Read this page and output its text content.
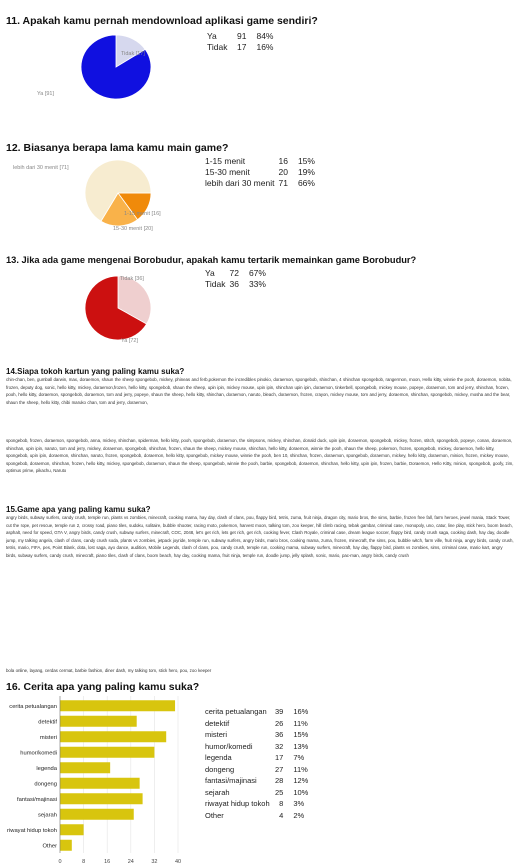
11. Apakah kamu pernah mendownload aplikasi game sendiri?
Tidak [17]
Ya [91]
Ya	91	84%
Tidak	17	16%
12. Biasanya berapa lama kamu main game?
lebih dari 30 menit [71]
1-15 menit [16]
15-30 menit [20]
1-15 menit	16	15%
15-30 menit	20	19%
lebih dari 30 menit	71	66%
13. Jika ada game mengenai Borobudur, apakah kamu tertarik memainkan game Borobudur?
Tidak [36]
Ya [72]
Ya	72	67%
Tidak	36	33%
14.Siapa tokoh kartun yang paling kamu suka?
chin-chan, ben, gumball darwin, max, doraemon, shaun the sheep spongebob, mickey, phineas and ferb,pokemon the incredibles pinokio, doraemon, spongebob, shinchan, 4 shinchan spongebob, rangermon, moon, Hello kitty, winnie the pooh, doraemon, nobita, frozen, deputy dog, sonic, hello kitty, mickey, doraemon,frozen, hello kitty, spongebob, shaun the sheep, upin ipin, mickey mouse, upin ipin, shinchan upin ipin, doraemon, tinkerbell, spongebob, mickey mouse, popeye, doraemon, tom and jerry, shinchan, frozen, pooh, hello kitty, doraemon, spongebob, doraemon, tom and jerry, popeye, shaun the sheep, hello kitty, shinchan, doraemon, naruto, bleach, doraemon, frozen, crayon, mickey mouse, tom and jerry, doraemon, shinchan, spongebob, mickey, mosha and the bear, shaun the sheep, hello kitty, chibi maruko chan, tom and jerry, doraemon,
spongebob, frozen, doraemon, spongebob, anna, mickey, shinchan, spiderman, hello kitty, pooh, spongebob, doraemon, the simpsons, mickey, shinchan, donald duck, upin ipin, doraemon, spongebob, mickey, frozen, stitch, spongebob, popeye, conan, doraemon, shinchan, upin ipin, naruto, tom and jerry, mickey, doraemon, spongebob, shinchan, frozen, shaun the sheep, mickey mouse, shinchan, hello kitty, doraemon, winnie the pooh, shaun the sheep, pokemon, frozen, spongebob, mickey, doraemon, hello kitty, spongebob, upin ipin, doraemon, shinchan, naruto, frozen, spongebob, doraemon, hello kitty, spongebob, mickey mouse, winnie the pooh, ben 10, shinchan, frozen, doraemon, spongebob, doraemon, mickey, hello kitty, doraemon, minion, frozen, mickey mouse, spongebob, doraemon, shinchan, frozen, hello kitty, mickey, spongebob, doraemon, shaun the sheep, spongebob, winnie the pooh, barbie, spongebob, doraemon, shinchan, hello kitty, upin ipin, frozen, barbie, Doraemon, Hello Kitty, minion, spongebob, goofy, zim, optimus prime, pikachu, Naruto
15.Game apa yang paling kamu suka?
angry birds, subway surfers, candy crush, temple run, plants vs zombies, minecraft, cooking mama, hay day, clash of clans, pou, flappy bird, tetris, zuma, fruit ninja, dragon city, mario bros, the sims, barbie, frozen free fall, farm heroes, jewel mania, Stack Tower, cut the rope, pet rescue, temple run 2, crossy road, piano tiles, sudoku, solitaire, bubble shooter, racing moto, pokemon, harvest moon, talking tom, zoo keeper, hill climb racing, tebak gambar, criminal case, monopoly, uno, catur, line play, stick hero, boom beach, asphalt, need for speed, GTA V, angry birds, candy crush, subway surfers, minecraft, COC, 2048, let's get rich, lets get rich, get rich, cooking fever, Clash Royale, criminal case, dream league soccer, flappy bird, candy crush saga, cooking dash, hay day, doodle jump, my talking angela, clash of clans, candy crush soda, plants vs zombies, jetpack joyride, temple run, subway surfers, angry birds, mario bros, cooking mama, zuma, frozen, minecraft, the sims, pou, bubble witch, farm ville, fruit ninja, angry birds, candy crush, tetris, mario, FIFA, pes, Point Blank, dota, lost saga, ayo dance, audition, Mobile Legends, clash of clans, pou, candy crush, temple run, cooking mama, subway surfers, minecraft, hay day, flappy bird, plants vs zombies, sims, criminal case, mario kart, angry birds, subway surfers, candy crush, minecraft, piano tiles, clash of clans, boom beach, hay day, cooking mama, fruit ninja, temple run, doodle jump, jelly splash, sonic, mario, pac-man, angry birds, candy crush
bola online, layang, cerdas cermat, barbie fashion, diner dash, my talking tom, stick hero, pou, zoo keeper
16. Cerita apa yang paling kamu suka?
0	8	16	24	32	40
cerita petualangan
detektif
misteri
humor/komedi
legenda
dongeng
fantasi/majinasi
sejarah
riwayat hidup tokoh
Other
cerita petualangan	39	16%
detektif	26	11%
misteri	36	15%
humor/komedi	32	13%
legenda	17	7%
dongeng	27	11%
fantasi/majinasi	28	12%
sejarah	25	10%
riwayat hidup tokoh	8	3%
Other	4	2%
